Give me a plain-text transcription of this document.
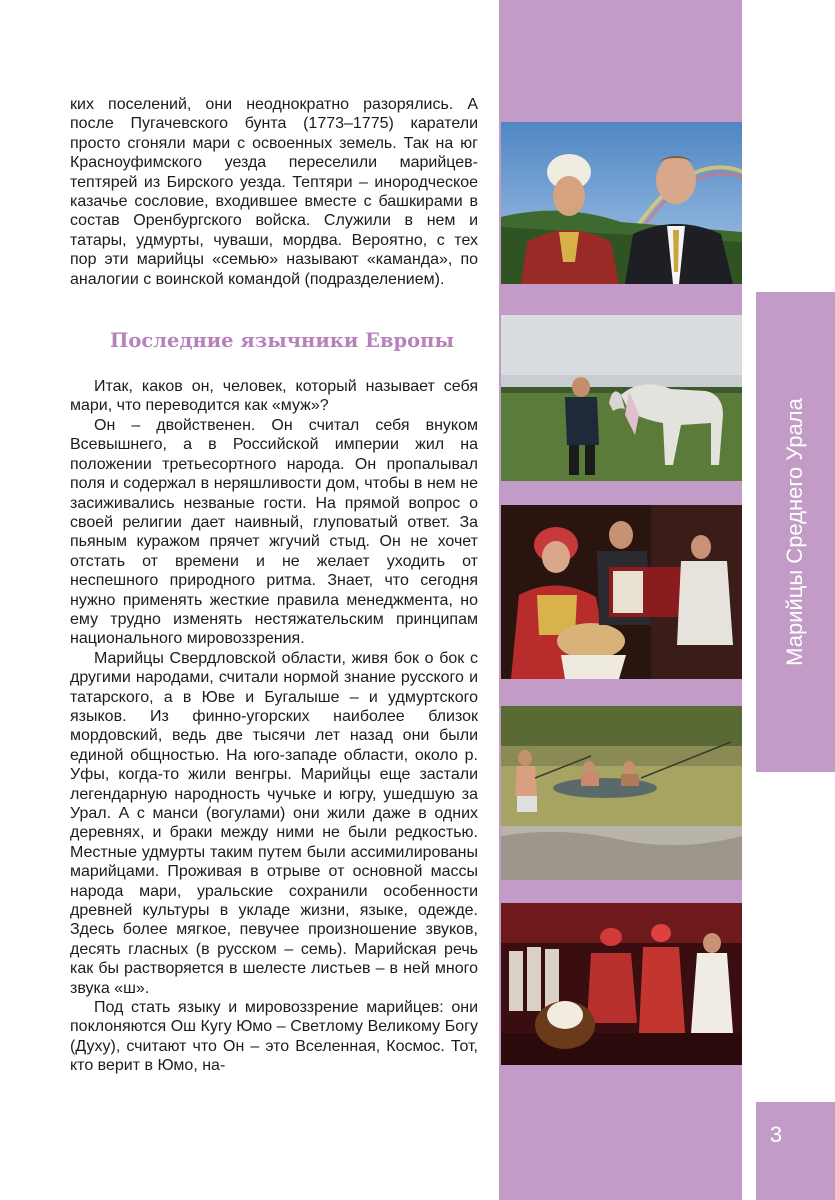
ких поселений, они неоднократно разорялись. А после Пугачевского бунта (1773–1775) каратели просто сгоняли мари с освоенных земель. Так на юг Красноуфимского уезда переселили марийцев-тептярей из Бирского уезда. Тептяри – инородческое казачье сословие, входившее вместе с башкирами в состав Оренбургского войска. Служили в нем и татары, удмурты, чуваши, мордва. Вероятно, с тех пор эти марийцы «семью» называют «каманда», по аналогии с воинской командой (подразделением).

Последние язычники Европы

Итак, каков он, человек, который называет себя мари, что переводится как «муж»?

Он – двойственен. Он считал себя внуком Всевышнего, а в Российской империи жил на положении третьесортного народа. Он пропалывал поля и содержал в неряшливости дом, чтобы в нем не засиживались незваные гости. На прямой вопрос о своей религии дает наивный, глуповатый ответ. За пьяным куражом прячет жгучий стыд. Он не хочет отстать от времени и не желает уходить от неспешного природного ритма. Знает, что сегодня нужно применять жесткие правила менеджмента, но ему трудно изменять нестяжательским принципам национального мировоззрения.

Марийцы Свердловской области, живя бок о бок с другими народами, считали нормой знание русского и татарского, а в Юве и Бугалыше – и удмуртского языков. Из финно-угорских наиболее близок мордовский, ведь две тысячи лет назад они были единой общностью. На юго-западе области, около р. Уфы, когда-то жили венгры. Марийцы еще застали легендарную народность чучьке и югру, ушедшую за Урал. А с манси (вогулами) они жили даже в одних деревнях, и браки между ними не были редкостью. Местные удмурты таким путем были ассимилированы марийцами. Проживая в отрыве от основной массы народа мари, уральские сохранили особенности древней культуры в укладе жизни, языке, одежде. Здесь более мягкое, певучее произношение звуков, десять гласных (в русском – семь). Марийская речь как бы растворяется в шелесте листьев – в ней много звука «ш».

Под стать языку и мировоззрение марийцев: они поклоняются Ош Кугу Юмо – Светлому Великому Богу (Духу), считают что Он – это Вселенная, Космос. Тот, кто верит в Юмо, на-

Марийцы Среднего Урала
3
